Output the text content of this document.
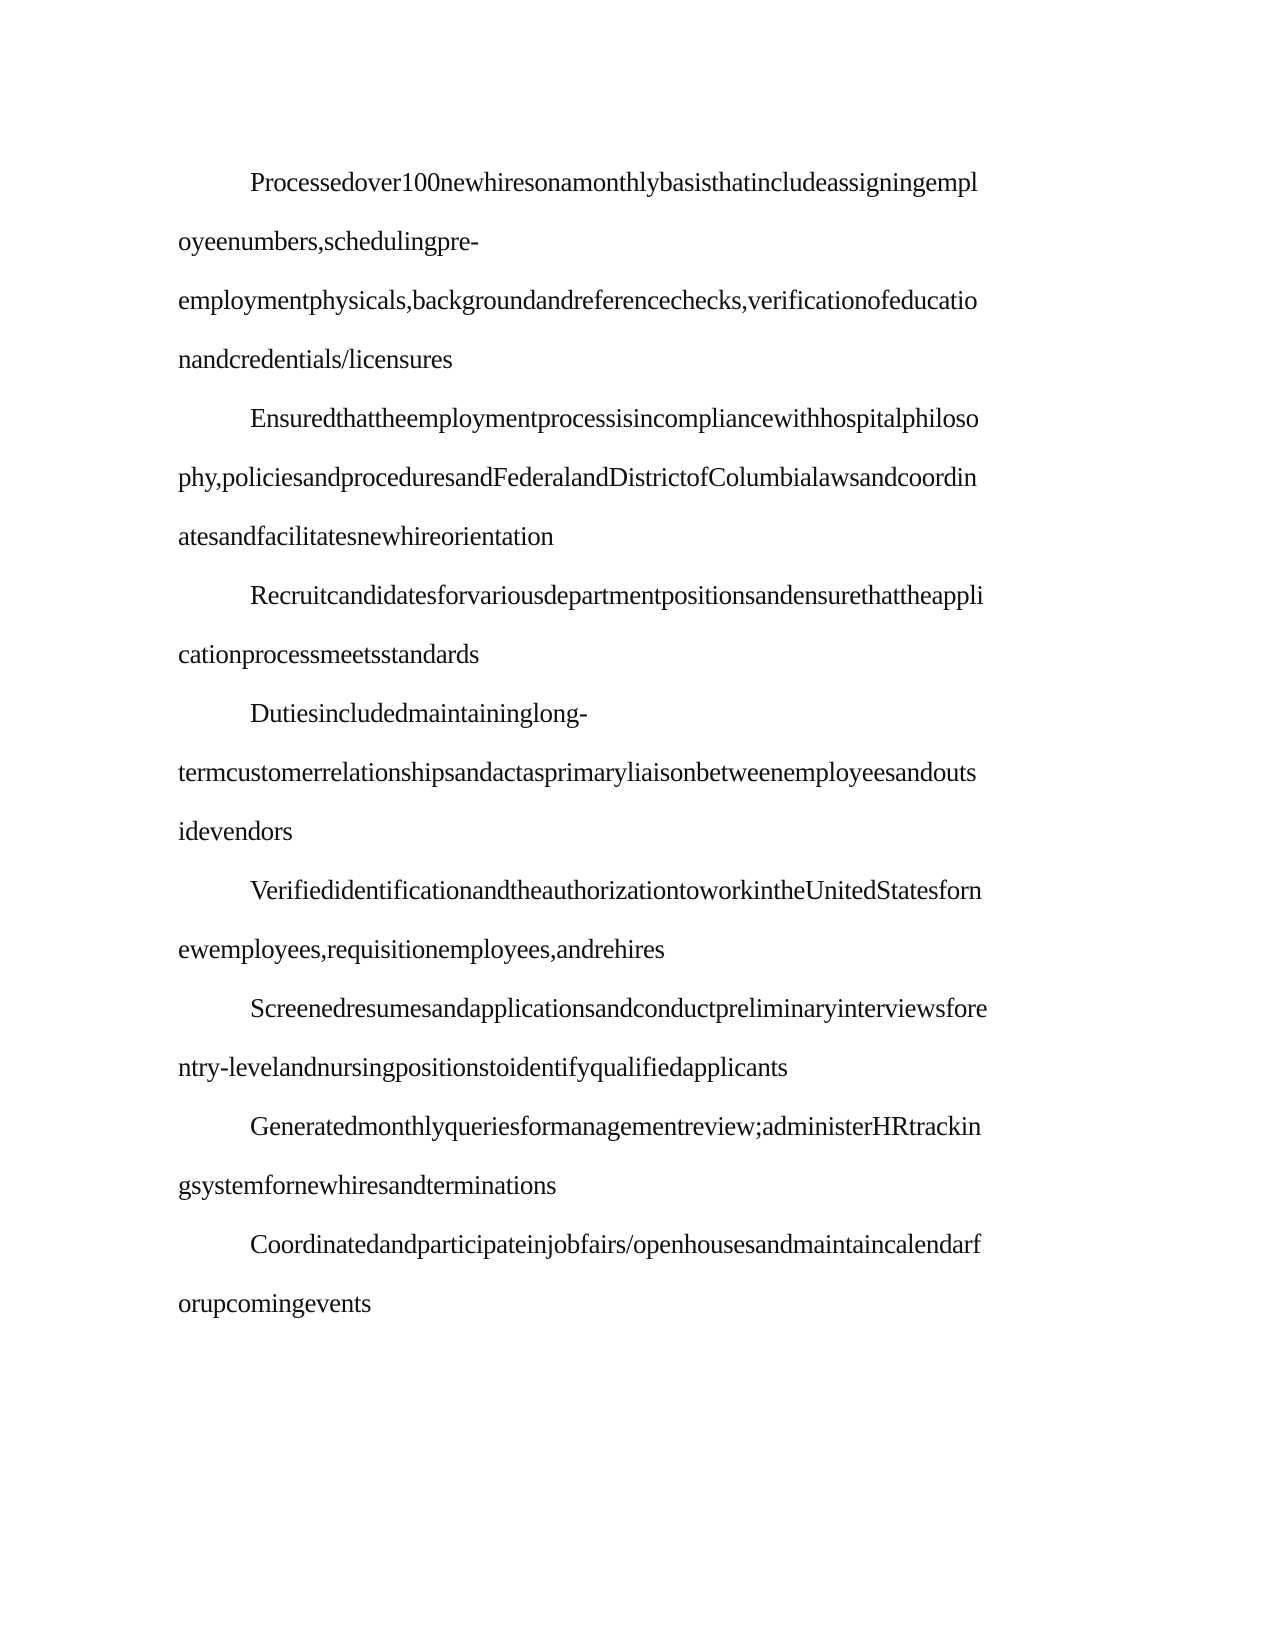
Processedover100newhiresonamonthlybasisthatincludeassigningempl
oyeenumbers,schedulingpre-
employmentphysicals,backgroundandreferencechecks,verificationofeducatio
nandcredentials/licensures
Ensuredthattheemploymentprocessisincompliancewithhospitalphiloso
phy,policiesandproceduresandFederalandDistrictofColumbialawsandcoordin
atesandfacilitatesnewhireorientation
Recruitcandidatesforvariousdepartmentpositionsandensurethattheappli
cationprocessmeetsstandards
Dutiesincludedmaintaininglong-
termcustomerrelationshipsandactasprimaryliaisonbetweenemployeesandouts
idevendors
VerifiedidentificationandtheauthorizationtoworkintheUnitedStatesforn
ewemployees,requisitionemployees,andrehires
Screenedresumesandapplicationsandconductpreliminaryinterviewsfore
ntry-levelandnursingpositionstoidentifyqualifiedapplicants
Generatedmonthlyqueriesformanagementreview;administerHRtrackin
gsystemfornewhiresandterminations
Coordinatedandparticipateinjobfairs/openhousesandmaintaincalendarf
orupcomingevents
